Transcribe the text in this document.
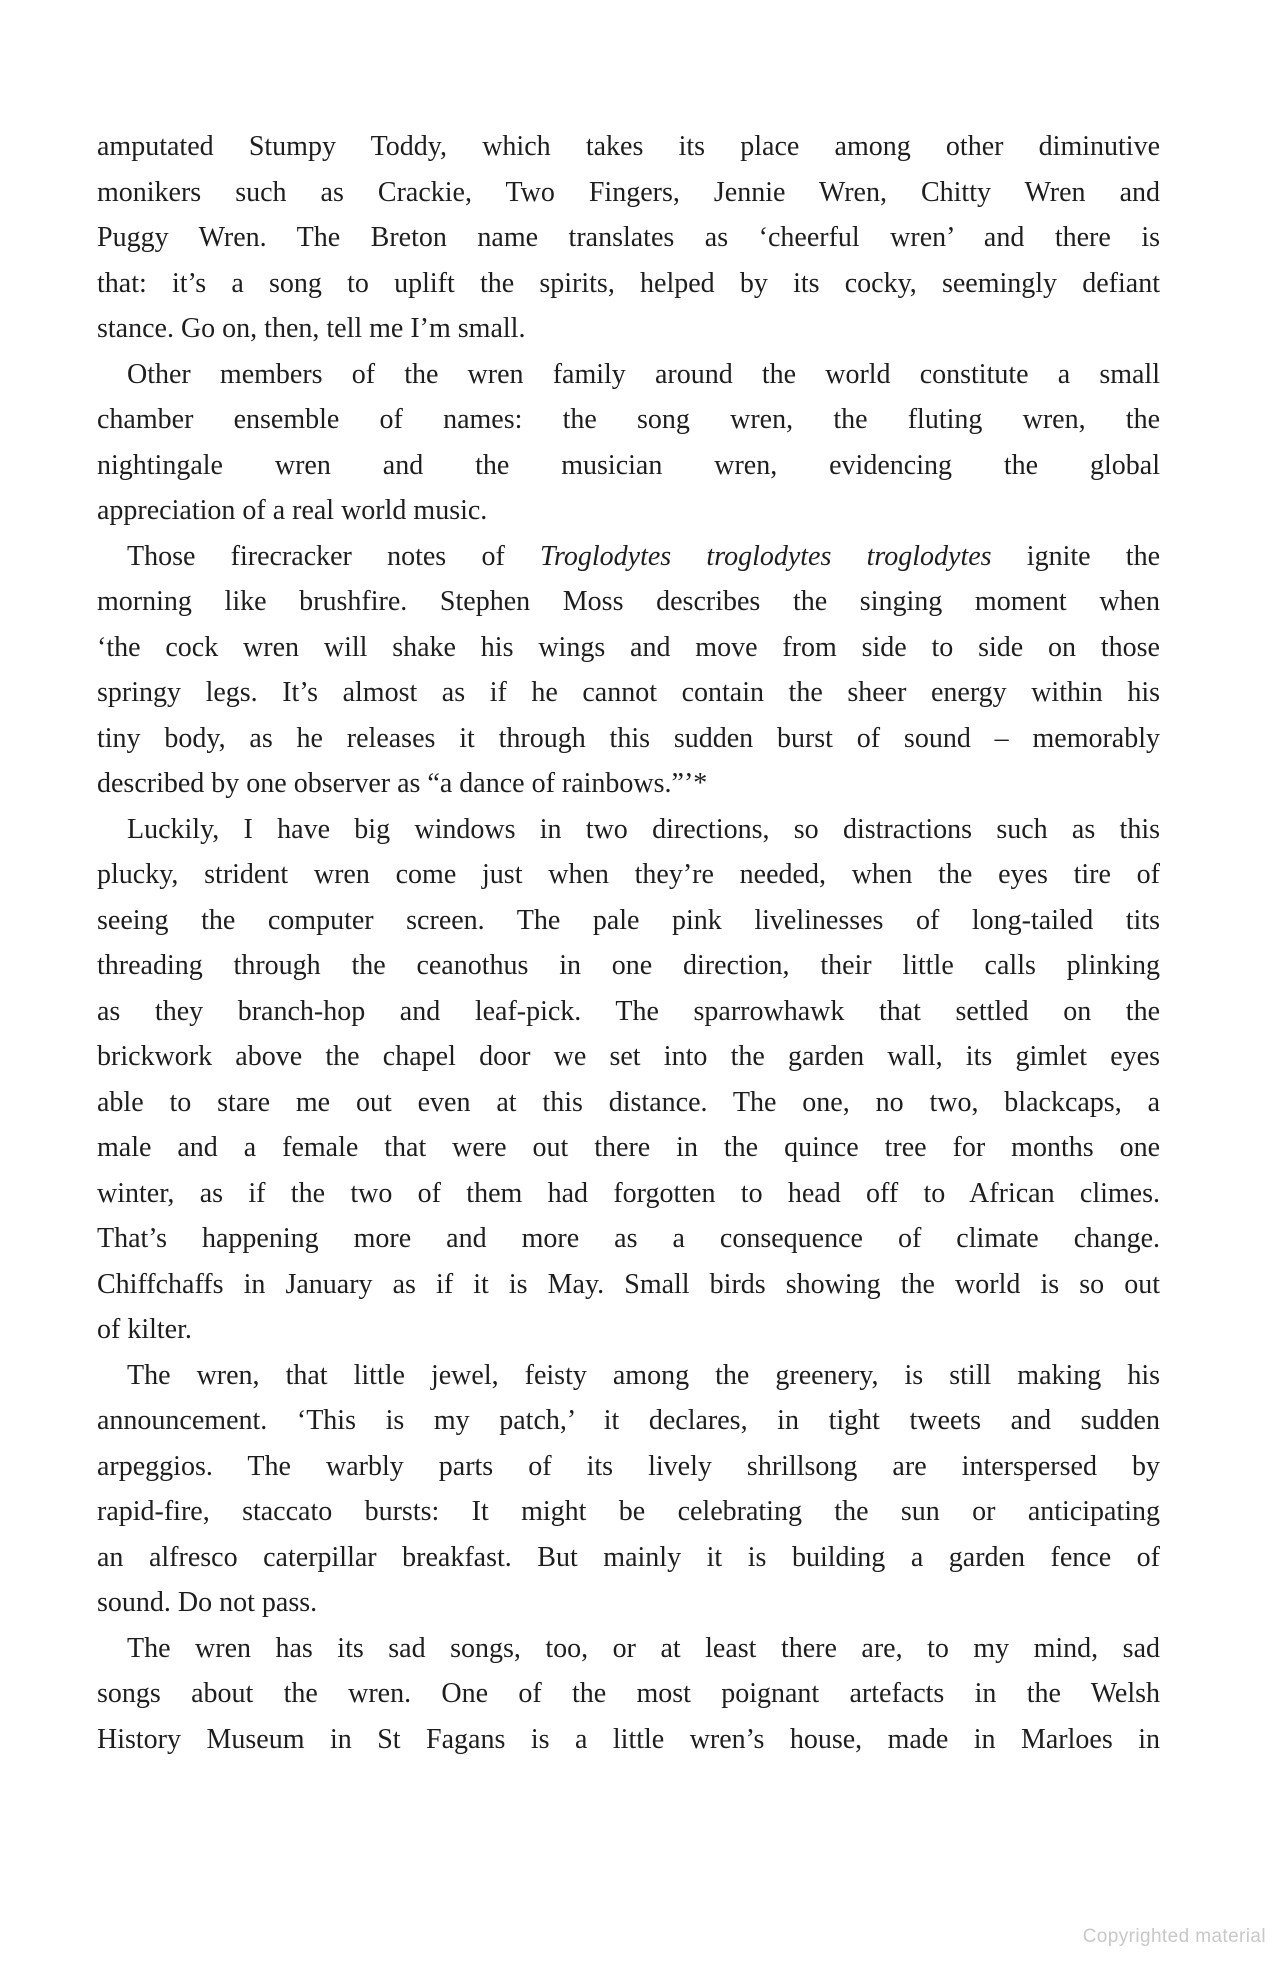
amputated Stumpy Toddy, which takes its place among other diminutive
monikers such as Crackie, Two Fingers, Jennie Wren, Chitty Wren and
Puggy Wren. The Breton name translates as ‘cheerful wren’ and there is
that: it’s a song to uplift the spirits, helped by its cocky, seemingly defiant
stance. Go on, then, tell me I’m small.
Other members of the wren family around the world constitute a small
chamber ensemble of names: the song wren, the fluting wren, the
nightingale wren and the musician wren, evidencing the global
appreciation of a real world music.
Those firecracker notes of Troglodytes troglodytes troglodytes ignite the
morning like brushfire. Stephen Moss describes the singing moment when
‘the cock wren will shake his wings and move from side to side on those
springy legs. It’s almost as if he cannot contain the sheer energy within his
tiny body, as he releases it through this sudden burst of sound – memorably
described by one observer as “a dance of rainbows.”’*
Luckily, I have big windows in two directions, so distractions such as this
plucky, strident wren come just when they’re needed, when the eyes tire of
seeing the computer screen. The pale pink livelinesses of long-tailed tits
threading through the ceanothus in one direction, their little calls plinking
as they branch-hop and leaf-pick. The sparrowhawk that settled on the
brickwork above the chapel door we set into the garden wall, its gimlet eyes
able to stare me out even at this distance. The one, no two, blackcaps, a
male and a female that were out there in the quince tree for months one
winter, as if the two of them had forgotten to head off to African climes.
That’s happening more and more as a consequence of climate change.
Chiffchaffs in January as if it is May. Small birds showing the world is so out
of kilter.
The wren, that little jewel, feisty among the greenery, is still making his
announcement. ‘This is my patch,’ it declares, in tight tweets and sudden
arpeggios. The warbly parts of its lively shrillsong are interspersed by
rapid-fire, staccato bursts: It might be celebrating the sun or anticipating
an alfresco caterpillar breakfast. But mainly it is building a garden fence of
sound. Do not pass.
The wren has its sad songs, too, or at least there are, to my mind, sad
songs about the wren. One of the most poignant artefacts in the Welsh
History Museum in St Fagans is a little wren’s house, made in Marloes in
Copyrighted material
